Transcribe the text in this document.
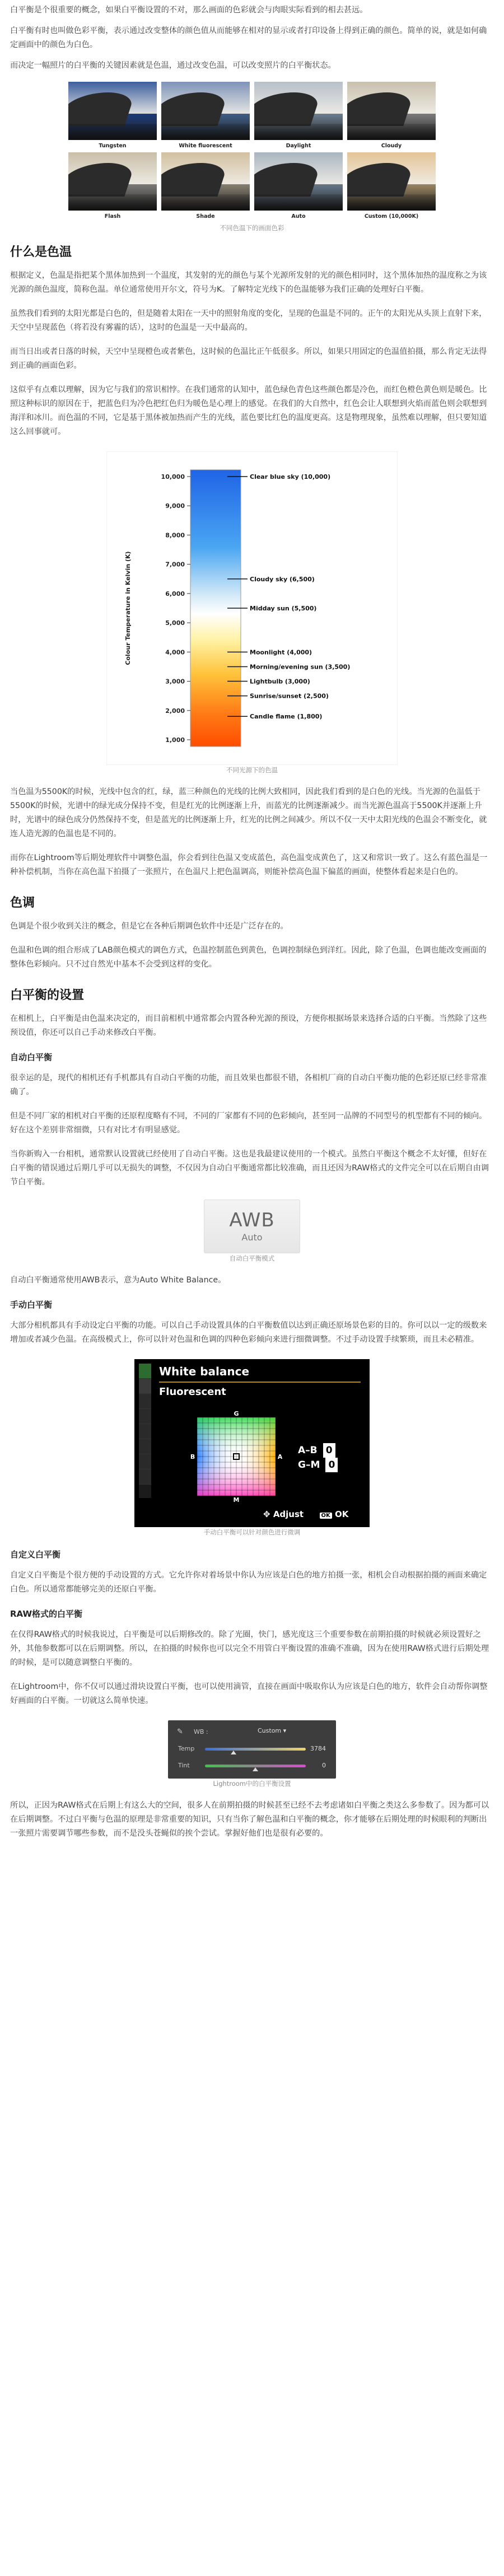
白平衡是个很重要的概念，如果白平衡设置的不对，那么画面的色彩就会与肉眼实际看到的相去甚远。

白平衡有时也叫做色彩平衡，表示通过改变整体的颜色值从而能够在相对的显示或者打印设备上得到正确的颜色。简单的说，就是如何确定画面中的颜色为白色。

而决定一幅照片的白平衡的关键因素就是色温，通过改变色温，可以改变照片的白平衡状态。

Tungsten	White fluorescent	Daylight	Cloudy
Flash	Shade	Auto	Custom (10,000K)
不同色温下的画面色彩
什么是色温

根据定义，色温是指把某个黑体加热到一个温度，其发射的光的颜色与某个光源所发射的光的颜色相同时，这个黑体加热的温度称之为该光源的颜色温度，简称色温。单位通常使用开尔文，符号为K。了解特定光线下的色温能够为我们正确的处理好白平衡。

虽然我们看到的太阳光都是白色的，但是随着太阳在一天中的照射角度的变化，呈现的色温是不同的。正午的太阳光从头顶上直射下来，天空中呈现蓝色（将若没有雾霾的话），这时的色温是一天中最高的。

而当日出或者日落的时候，天空中呈现橙色或者紫色，这时候的色温比正午低很多。所以，如果只用固定的色温值拍摄，那么肯定无法得到正确的画面色彩。

这似乎有点难以理解，因为它与我们的常识相悖。在我们通常的认知中，蓝色绿色青色这些颜色都是冷色，而红色橙色黄色则是暖色。比照这种标识的原因在于，把蓝色归为冷色把红色归为暖色是心理上的感觉。在我们的大自然中，红色会让人联想到火焰而蓝色则会联想到海洋和冰川。而色温的不同，它是基于黑体被加热而产生的光线，蓝色要比红色的温度更高。这是物理现象，虽然难以理解，但只要知道这么回事就可。

Colour Temperature in Kelvin (K)
1,000
2,000
3,000
4,000
5,000
6,000
7,000
8,000
9,000
10,000	Clear blue sky (10,000)
Cloudy sky (6,500)
Midday sun (5,500)
Moonlight (4,000)
Morning/evening sun (3,500)
Lightbulb (3,000)
Sunrise/sunset (2,500)
Candle flame (1,800)
不同光源下的色温

当色温为5500K的时候，光线中包含的红，绿，蓝三种颜色的光线的比例大致相同，因此我们看到的是白色的光线。当光源的色温低于5500K的时候，光谱中的绿光成分保持不变，但是红光的比例逐渐上升，而蓝光的比例逐渐减少。而当光源色温高于5500K并逐渐上升时，光谱中的绿色成分仍然保持不变，但是蓝光的比例逐渐上升，红光的比例之间减少。所以不仅一天中太阳光线的色温会不断变化，就连人造光源的色温也是不同的。

而你在Lightroom等后期处理软件中调整色温，你会看到往色温又变成蓝色，高色温变成黄色了，这又和常识一致了。这么有蓝色温是一种补偿机制，当你在高色温下拍摄了一张照片，在色温尺上把色温调高，则能补偿高色温下偏蓝的画面，使整体看起来是白色的。

色调

色调是个很少收到关注的概念，但是它在各种后期调色软件中还是广泛存在的。

色温和色调的组合形成了LAB颜色模式的调色方式，色温控制蓝色到黄色，色调控制绿色到洋红。因此，除了色温，色调也能改变画面的整体色彩倾向。只不过自然光中基本不会受到这样的变化。

白平衡的设置

在相机上，白平衡是由色温来决定的，而目前相机中通常都会内置各种光源的预设，方便你根据场景来选择合适的白平衡。当然除了这些预设值，你还可以自己手动来修改白平衡。

自动白平衡

很幸运的是，现代的相机还有手机都具有自动白平衡的功能，而且效果也都很不错，各相机厂商的自动白平衡功能的色彩还原已经非常准确了。

但是不同厂家的相机对白平衡的还原程度略有不同，不同的厂家都有不同的色彩倾向，甚至同一品牌的不同型号的机型都有不同的倾向。好在这个差别非常细微，只有对比才有明显感觉。

当你新购入一台相机，通常默认设置就已经使用了自动白平衡。这也是我最建议使用的一个模式。虽然白平衡这个概念不太好懂，但好在白平衡的错误通过后期几乎可以无损失的调整，不仅因为自动白平衡通常都比较准确，而且还因为RAW格式的文件完全可以在后期自由调节白平衡。

AWB
Auto
自动白平衡模式

自动白平衡通常使用AWB表示，意为Auto White Balance。

手动白平衡

大部分相机都具有手动设定白平衡的功能。可以自己手动设置具体的白平衡数值以达到正确还原场景色彩的目的。你可以以一定的级数来增加或者减少色温。在高级模式上，你可以针对色温和色调的四种色彩倾向来进行细微调整。不过手动设置手续繁琐，而且未必精准。

White balance
Fluorescent
G
M
B	A
A–B 0
G–M 0
✥ Adjust	OK OK
手动白平衡可以针对颜色进行微调
自定义白平衡

自定义白平衡是个很方便的手动设置的方式。它允许你对着场景中你认为应该是白色的地方拍摄一张，相机会自动根据拍摄的画面来确定白色。所以通常都能够完美的还原白平衡。

RAW格式的白平衡

在仅得RAW格式的时候我说过，白平衡是可以后期修改的。除了光圈，快门，感光度这三个重要参数在前期拍摄的时候就必须设置好之外，其他参数都可以在后期调整。所以，在拍摄的时候你也可以完全不用管白平衡设置的准确不准确，因为在使用RAW格式进行后期处理的时候，是可以随意调整白平衡的。

在Lightroom中，你不仅可以通过滑块设置白平衡，也可以使用滴管，直接在画面中吸取你认为应该是白色的地方，软件会自动帮你调整好画面的白平衡。一切就这么简单快速。

✎ WB :	Custom ▾
Temp	3784
Tint	0
Lightroom中的白平衡设置

所以，正因为RAW格式在后期上有这么大的空间，很多人在前期拍摄的时候甚至已经不去考虑诸如白平衡之类这么多参数了。因为都可以在后期调整。不过白平衡与色温的原理是非常重要的知识，只有当你了解色温和白平衡的概念，你才能够在后期处理的时候眼利的判断出一张照片需要调节哪些参数，而不是没头苍蝇似的挨个尝试。掌握好他们也是很有必要的。
